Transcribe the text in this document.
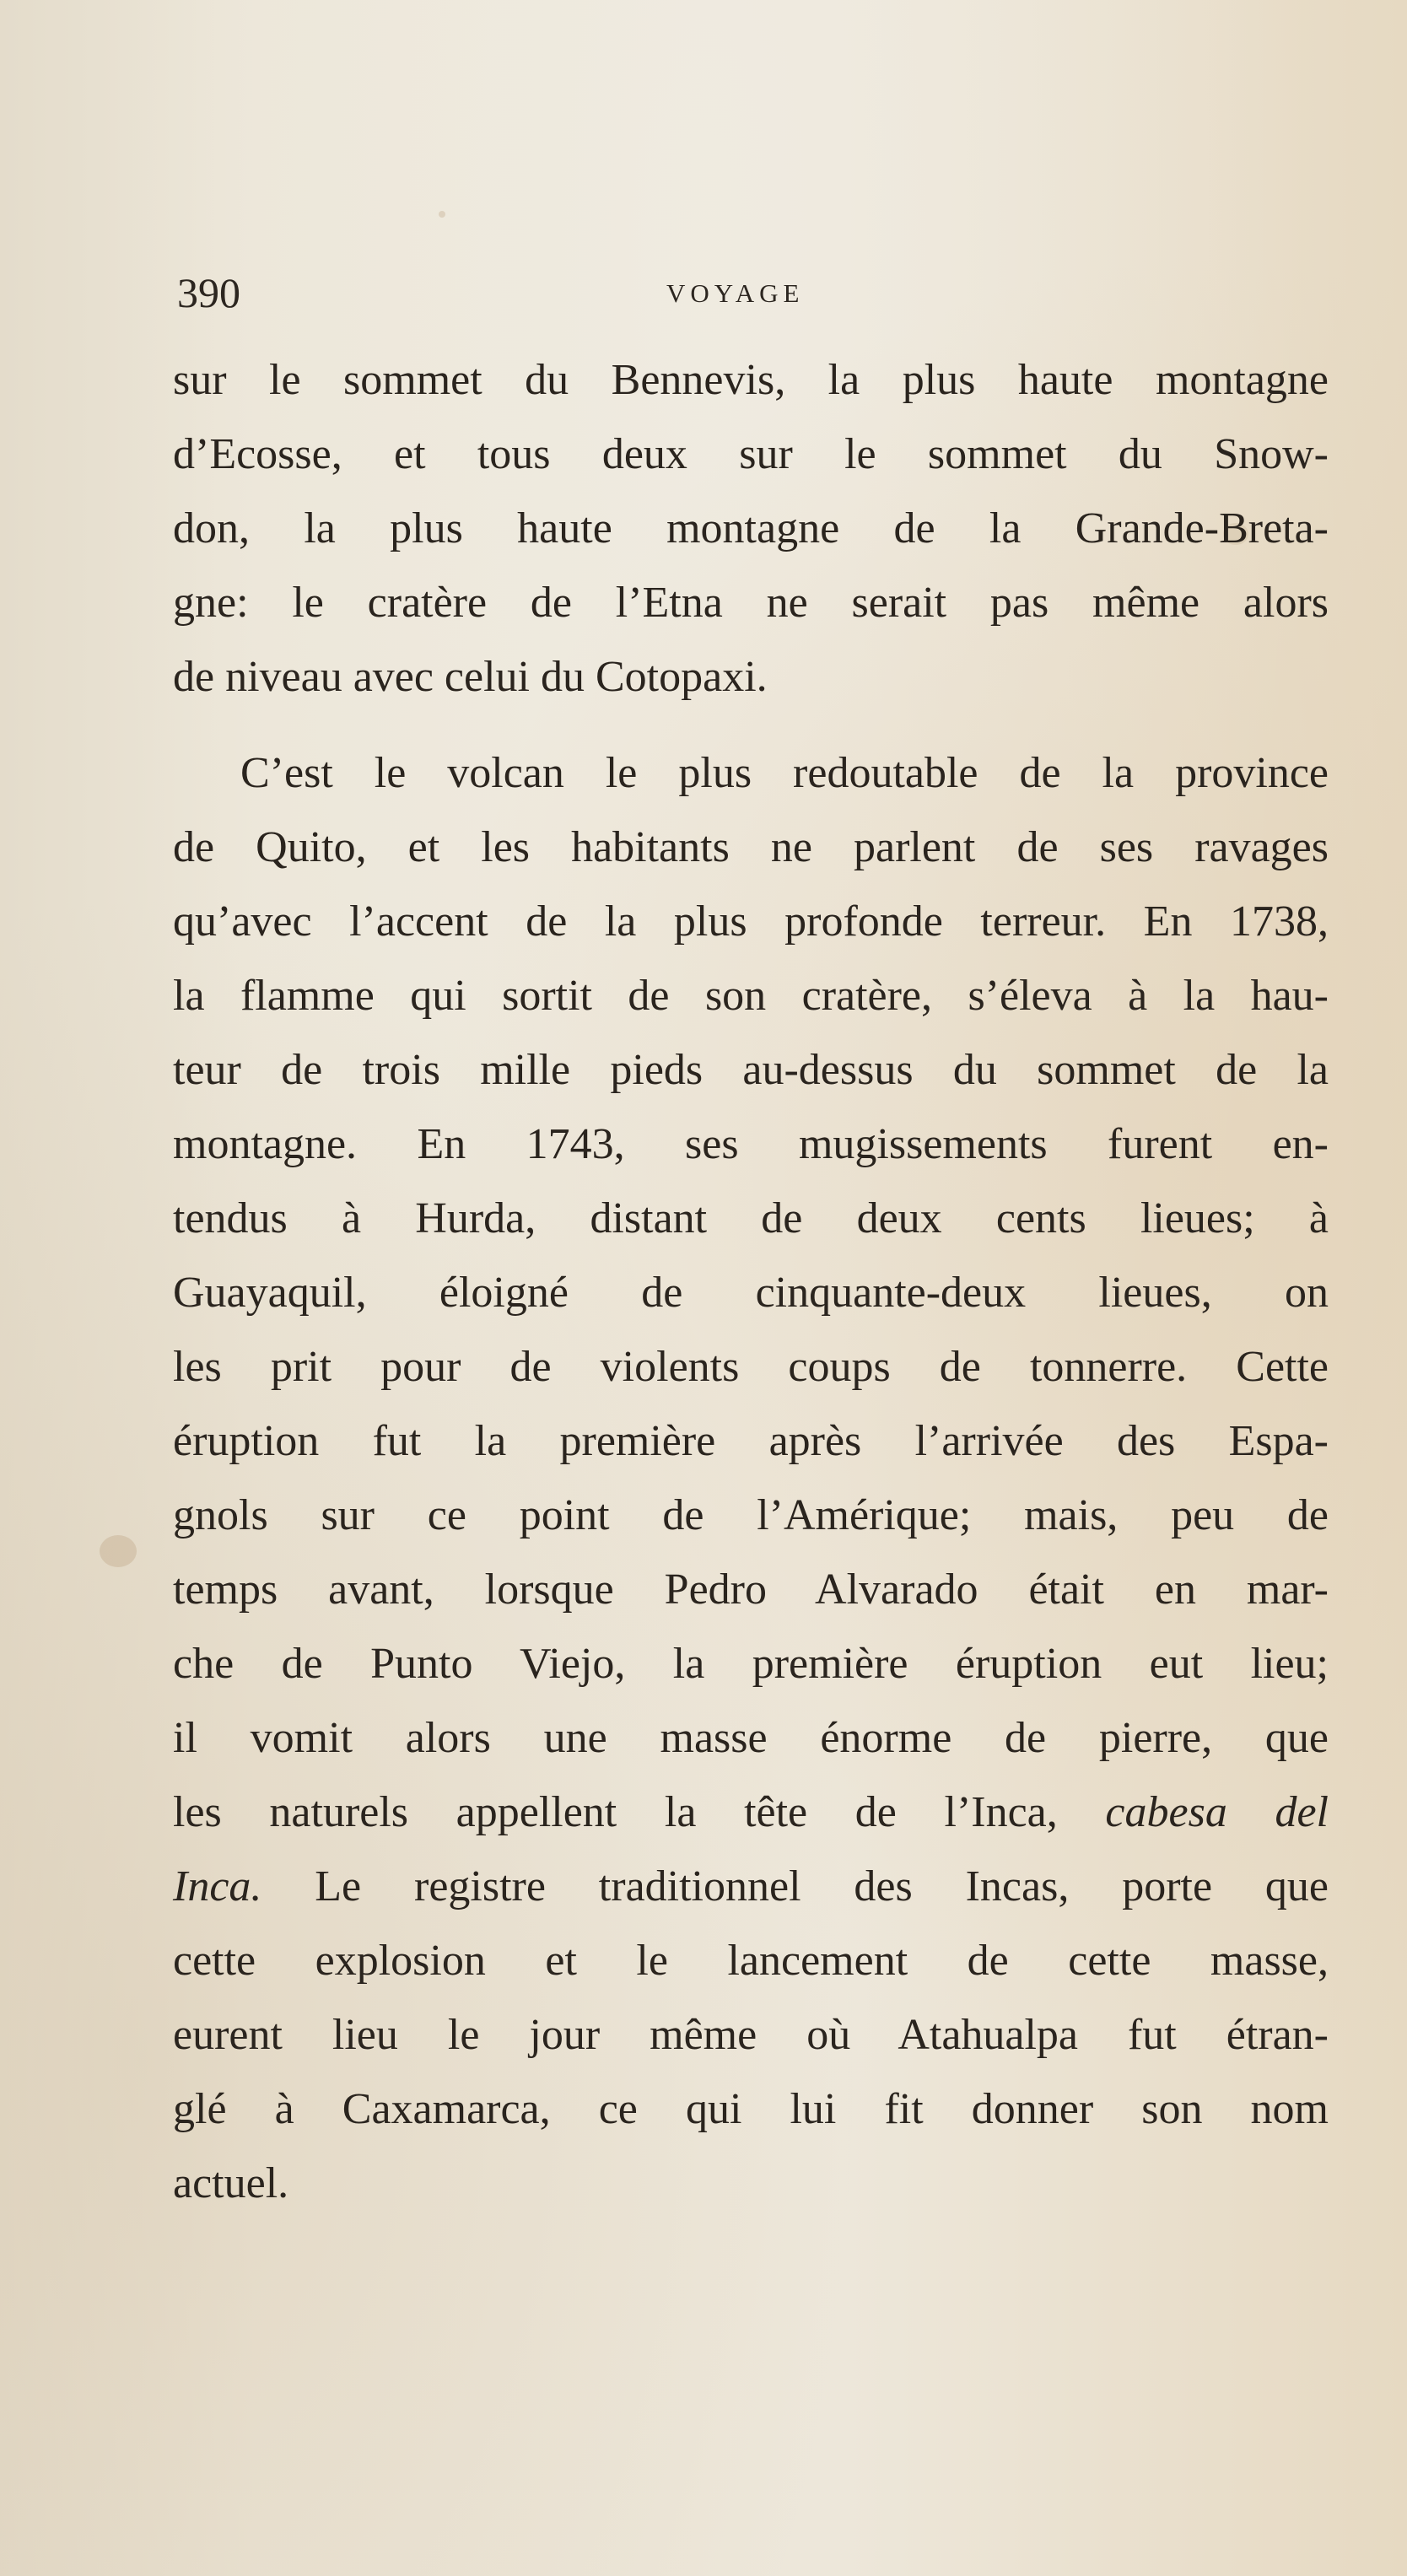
390	VOYAGE
sur le sommet du Bennevis, la plus haute montagne
d’Ecosse, et tous deux sur le sommet du Snow-
don, la plus haute montagne de la Grande-Breta-
gne: le cratère de l’Etna ne serait pas même alors
de niveau avec celui du Cotopaxi.
C’est le volcan le plus redoutable de la province
de Quito, et les habitants ne parlent de ses ravages
qu’avec l’accent de la plus profonde terreur. En 1738,
la flamme qui sortit de son cratère, s’éleva à la hau-
teur de trois mille pieds au-dessus du sommet de la
montagne. En 1743, ses mugissements furent en-
tendus à Hurda, distant de deux cents lieues; à
Guayaquil, éloigné de cinquante-deux lieues, on
les prit pour de violents coups de tonnerre. Cette
éruption fut la première après l’arrivée des Espa-
gnols sur ce point de l’Amérique; mais, peu de
temps avant, lorsque Pedro Alvarado était en mar-
che de Punto Viejo, la première éruption eut lieu;
il vomit alors une masse énorme de pierre, que
les naturels appellent la tête de l’Inca, cabesa del
Inca. Le registre traditionnel des Incas, porte que
cette explosion et le lancement de cette masse,
eurent lieu le jour même où Atahualpa fut étran-
glé à Caxamarca, ce qui lui fit donner son nom
actuel.
